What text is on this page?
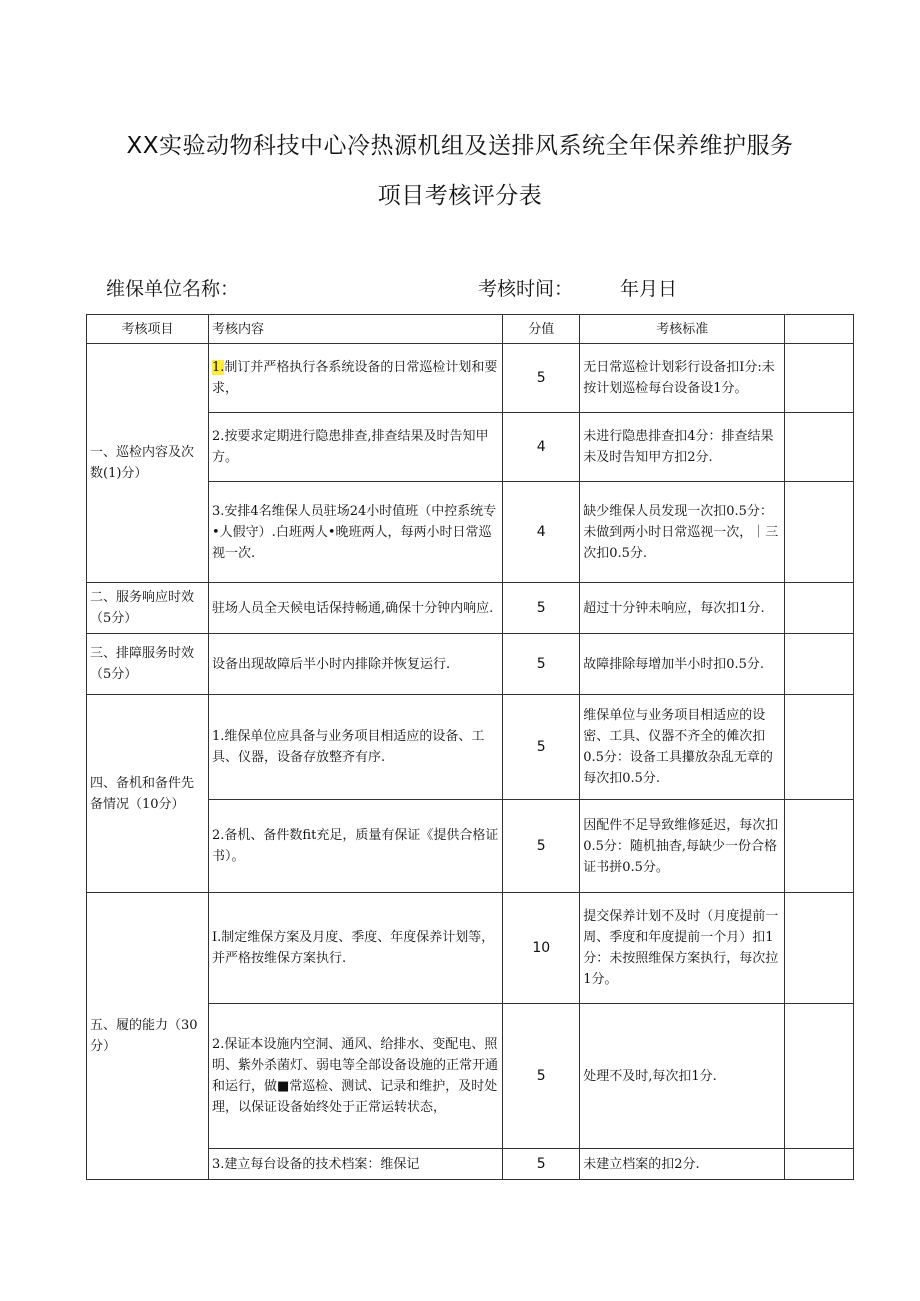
XX实验动物科技中心冷热源机组及送排风系统全年保养维护服务
项目考核评分表
维保单位名称：	考核时间： 年月日
考核项目	考核内容	分值	考核标准	
一、巡检内容及次数(1)分）	1.制订并严格执行各系统设备的日常巡检计划和要求，	5	无日常巡检计划彩行设备扣I分:未按计划巡检每台设备设1分。	
	2.按要求定期进行隐患排查,排查结果及时告知甲方。	4	未进行隐患排查扣4分：排查结果未及时告知甲方扣2分.	
	3.安排4名维保人员驻场24小时值班（中控系统专•人假守）.白班两人•晚班两人，每两小时日常巡视一次.	4	缺少维保人员发现一次扣0.5分：未做到两小时日常巡视一次，｜三次扣0.5分.	
二、服务响应时效（5分）	驻场人员全天候电话保持畅通,确保十分钟内响应.	5	超过十分钟未响应，每次扣1分.	
三、排障服务时效（5分）	设备出现故障后半小时内排除并恢复运行.	5	故障排除每增加半小时扣0.5分.	
四、备机和备件先备情况（10分）	1.维保单位应具备与业务项目相适应的设备、工具、仪器，设备存放整齐有序.	5	维保单位与业务项目相适应的设密、工具、仪器不齐全的傩次扣0.5分：设备工具攥放杂乱无章的每次扣0.5分.	
	2.备机、备件数fit充足，质量有保证《提供合格证书）。	5	因配件不足导致维修延迟，每次扣0.5分：随机抽杳,每缺少一份合格证书拼0.5分。	
五、履的能力（30分）	I.制定维保方案及月度、季度、年度保养计划等，并严格按维保方案执行.	10	提交保养计划不及时（月度提前一周、季度和年度提前一个月）扣1分：未按照维保方案执行，每次拉1分。	
	2.保证本设施内空洞、通风、给排水、变配电、照明、紫外杀菌灯、弱电等全部设备设施的正常开通和运行，做■常巡检、测试、记录和维护，及时处理，以保证设备始终处于正常运转状态，	5	处理不及时,每次扣1分.	
	3.建立每台设备的技术档案：维保记	5	未建立档案的扣2分.	
